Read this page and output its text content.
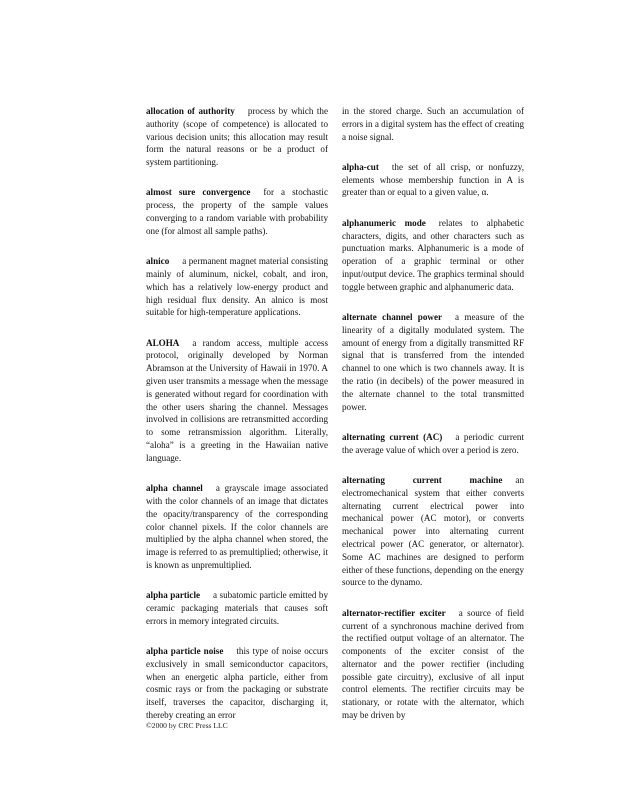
allocation of authority process by which the authority (scope of competence) is allocated to various decision units; this allocation may result form the natural reasons or be a product of system partitioning.

almost sure convergence for a stochastic process, the property of the sample values converging to a random variable with probability one (for almost all sample paths).

alnico a permanent magnet material consisting mainly of aluminum, nickel, cobalt, and iron, which has a relatively low-energy product and high residual flux density. An alnico is most suitable for high-temperature applications.

ALOHA a random access, multiple access protocol, originally developed by Norman Abramson at the University of Hawaii in 1970. A given user transmits a message when the message is generated without regard for coordination with the other users sharing the channel. Messages involved in collisions are retransmitted according to some retransmission algorithm. Literally, “aloha” is a greeting in the Hawaiian native language.

alpha channel a grayscale image associated with the color channels of an image that dictates the opacity/transparency of the corresponding color channel pixels. If the color channels are multiplied by the alpha channel when stored, the image is referred to as premultiplied; otherwise, it is known as unpremultiplied.

alpha particle a subatomic particle emitted by ceramic packaging materials that causes soft errors in memory integrated circuits.

alpha particle noise this type of noise occurs exclusively in small semiconductor capacitors, when an energetic alpha particle, either from cosmic rays or from the packaging or substrate itself, traverses the capacitor, discharging it, thereby creating an error

in the stored charge. Such an accumulation of errors in a digital system has the effect of creating a noise signal.

alpha-cut the set of all crisp, or nonfuzzy, elements whose membership function in A is greater than or equal to a given value, α.

alphanumeric mode relates to alphabetic characters, digits, and other characters such as punctuation marks. Alphanumeric is a mode of operation of a graphic terminal or other input/output device. The graphics terminal should toggle between graphic and alphanumeric data.

alternate channel power a measure of the linearity of a digitally modulated system. The amount of energy from a digitally transmitted RF signal that is transferred from the intended channel to one which is two channels away. It is the ratio (in decibels) of the power measured in the alternate channel to the total transmitted power.

alternating current (AC) a periodic current the average value of which over a period is zero.

alternating current machine an electromechanical system that either converts alternating current electrical power into mechanical power (AC motor), or converts mechanical power into alternating current electrical power (AC generator, or alternator). Some AC machines are designed to perform either of these functions, depending on the energy source to the dynamo.

alternator-rectifier exciter a source of field current of a synchronous machine derived from the rectified output voltage of an alternator. The components of the exciter consist of the alternator and the power rectifier (including possible gate circuitry), exclusive of all input control elements. The rectifier circuits may be stationary, or rotate with the alternator, which may be driven by

©2000 by CRC Press LLC
